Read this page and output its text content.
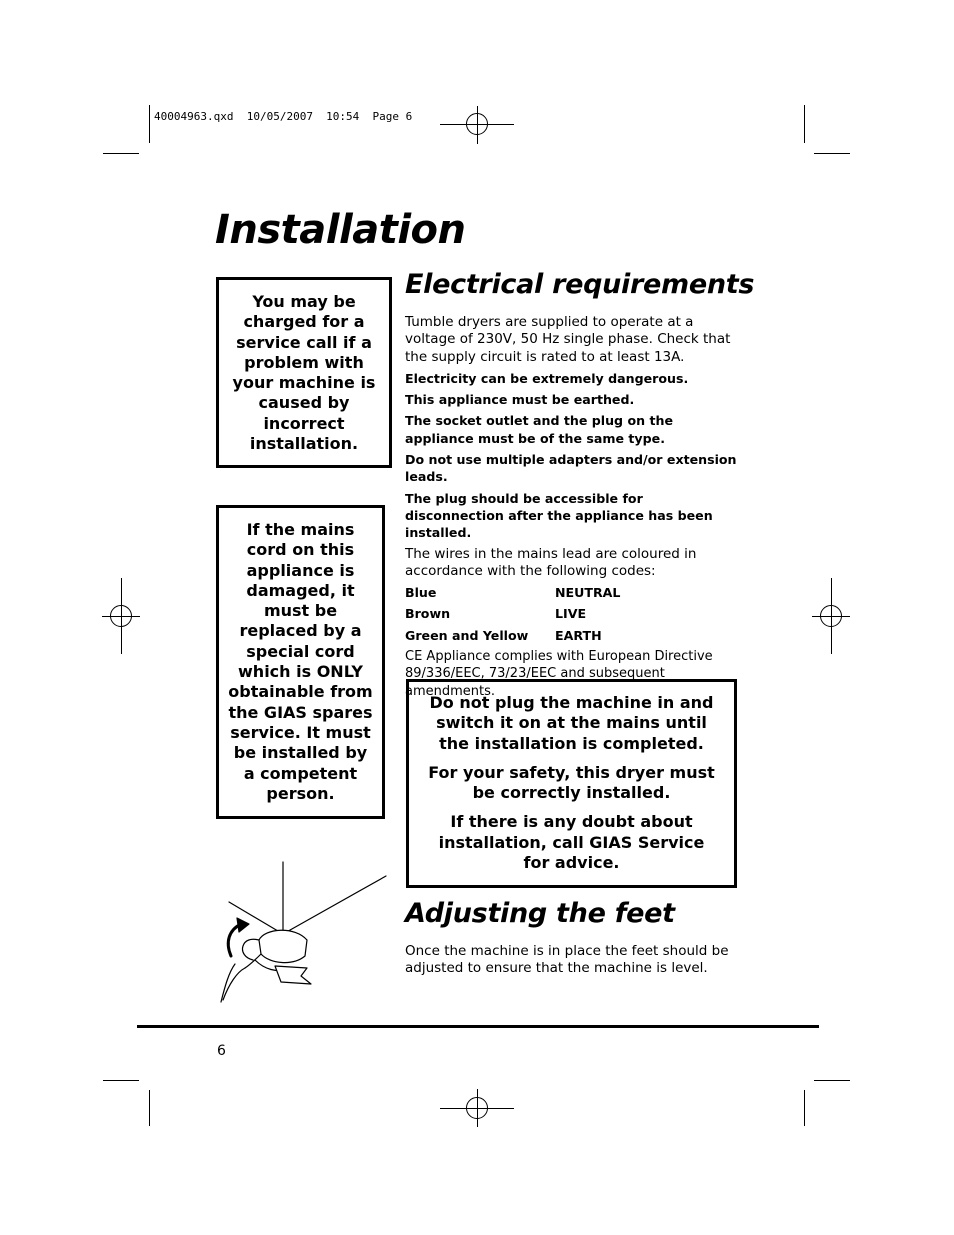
40004963.qxd  10/05/2007  10:54  Page 6
Installation
You may be charged for a service call if a problem with your machine is caused by incorrect installation.
If the mains cord on this appliance is damaged, it must be replaced by a special cord which is ONLY obtainable from the GIAS spares service. It must be installed by a competent person.
Electrical requirements

Tumble dryers are supplied to operate at a voltage of 230V, 50 Hz single phase. Check that the supply circuit is rated to at least 13A.

Electricity can be extremely dangerous.

This appliance must be earthed.

The socket outlet and the plug on the appliance must be of the same type.

Do not use multiple adapters and/or extension leads.

The plug should be accessible for disconnection after the appliance has been installed.

The wires in the mains lead are coloured in accordance with the following codes:

Blue	NEUTRAL
Brown	LIVE
Green and Yellow	EARTH

CE Appliance complies with European Directive 89/336/EEC, 73/23/EEC and subsequent amendments.

Do not plug the machine in and switch it on at the mains until the installation is completed.

For your safety, this dryer must be correctly installed.

If there is any doubt about installation, call GIAS Service for advice.

Adjusting the feet

Once the machine is in place the feet should be adjusted to ensure that the machine is level.

6
